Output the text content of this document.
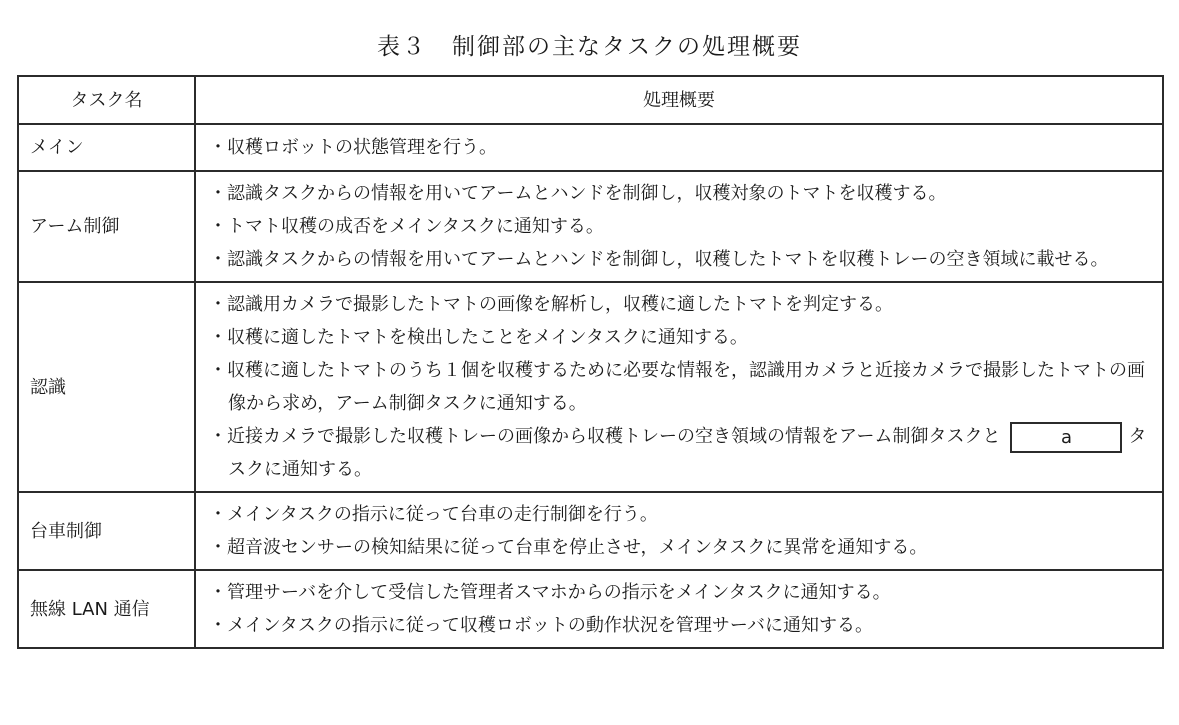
表３　制御部の主なタスクの処理概要
タスク名	処理概要
メイン	・収穫ロボットの状態管理を行う。

アーム制御	・認識タスクからの情報を用いてアームとハンドを制御し，収穫対象のトマトを収穫する。
・トマト収穫の成否をメインタスクに通知する。
・認識タスクからの情報を用いてアームとハンドを制御し，収穫したトマトを収穫トレーの空き領域に載せる。

認識	・認識用カメラで撮影したトマトの画像を解析し，収穫に適したトマトを判定する。
・収穫に適したトマトを検出したことをメインタスクに通知する。
・収穫に適したトマトのうち１個を収穫するために必要な情報を，認識用カメラと近接カメラで撮影したトマトの画像から求め，アーム制御タスクに通知する。
・近接カメラで撮影した収穫トレーの画像から収穫トレーの空き領域の情報をアーム制御タスクと a タスクに通知する。

台車制御	・メインタスクの指示に従って台車の走行制御を行う。
・超音波センサーの検知結果に従って台車を停止させ，メインタスクに異常を通知する。

無線 LAN 通信	・管理サーバを介して受信した管理者スマホからの指示をメインタスクに通知する。
・メインタスクの指示に従って収穫ロボットの動作状況を管理サーバに通知する。
